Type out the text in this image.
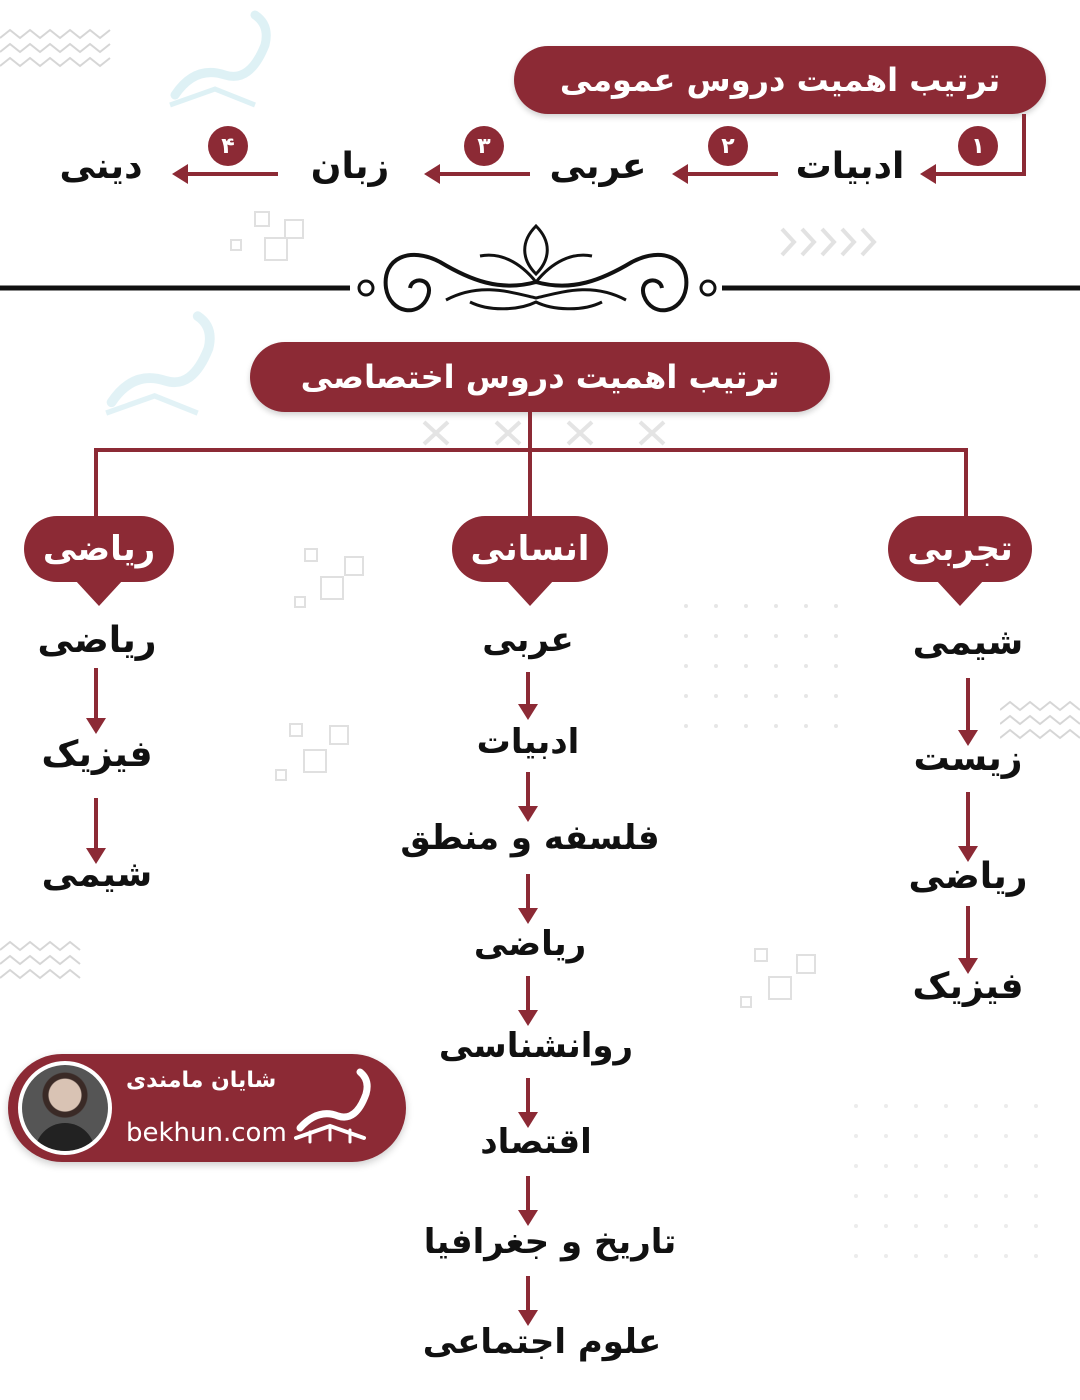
ترتیب اهمیت دروس عمومی
۱
ادبیات
۲
عربی
۳
زبان
۴
دینی
ترتیب اهمیت دروس اختصاصی
تجربی
انسانی
ریاضی
شیمی
زیست
ریاضی
فیزیک
عربی
ادبیات
فلسفه و منطق
ریاضی
روانشناسی
اقتصاد
تاریخ و جغرافیا
علوم اجتماعی
ریاضی
فیزیک
شیمی
شایان مامندی
bekhun.com
